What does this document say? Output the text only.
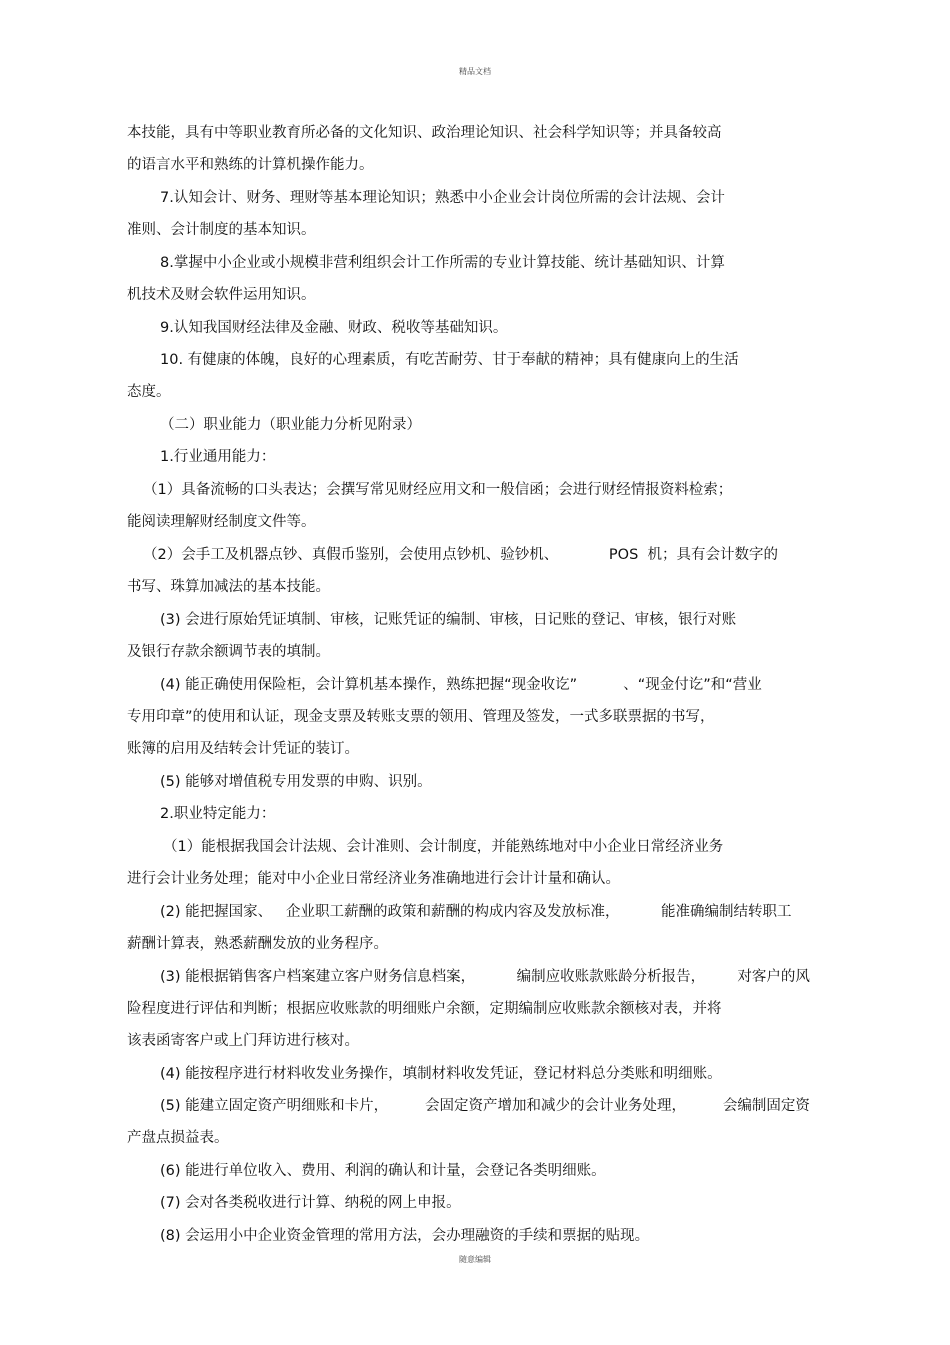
精品文档
本技能，具有中等职业教育所必备的文化知识、政治理论知识、社会科学知识等；并具备较高
的语言水平和熟练的计算机操作能力。
7.认知会计、财务、理财等基本理论知识；熟悉中小企业会计岗位所需的会计法规、会计
准则、会计制度的基本知识。
8.掌握中小企业或小规模非营利组织会计工作所需的专业计算技能、统计基础知识、计算
机技术及财会软件运用知识。
9.认知我国财经法律及金融、财政、税收等基础知识。
10. 有健康的体魄，良好的心理素质，有吃苦耐劳、甘于奉献的精神；具有健康向上的生活
态度。
（二）职业能力（职业能力分析见附录）
1.行业通用能力：
（1）具备流畅的口头表达；会撰写常见财经应用文和一般信函；会进行财经情报资料检索；
能阅读理解财经制度文件等。
（2）会手工及机器点钞、真假币鉴别，会使用点钞机、验钞机、           POS  机；具有会计数字的
书写、珠算加减法的基本技能。
(3) 会进行原始凭证填制、审核，记账凭证的编制、审核，日记账的登记、审核，银行对账
及银行存款余额调节表的填制。
(4) 能正确使用保险柜，会计算机基本操作，熟练把握“现金收讫”          、“现金付讫”和“营业
专用印章”的使用和认证，现金支票及转账支票的领用、管理及签发，一式多联票据的书写，
账簿的启用及结转会计凭证的装订。
(5) 能够对增值税专用发票的申购、识别。
2.职业特定能力：
（1）能根据我国会计法规、会计准则、会计制度，并能熟练地对中小企业日常经济业务
进行会计业务处理；能对中小企业日常经济业务准确地进行会计计量和确认。
(2) 能把握国家、   企业职工薪酬的政策和薪酬的构成内容及发放标准，         能准确编制结转职工
薪酬计算表，熟悉薪酬发放的业务程序。
(3) 能根据销售客户档案建立客户财务信息档案，         编制应收账款账龄分析报告，       对客户的风
险程度进行评估和判断；根据应收账款的明细账户余额，定期编制应收账款余额核对表，并将
该表函寄客户或上门拜访进行核对。
(4) 能按程序进行材料收发业务操作，填制材料收发凭证，登记材料总分类账和明细账。
(5) 能建立固定资产明细账和卡片，        会固定资产增加和减少的会计业务处理，        会编制固定资
产盘点损益表。
(6) 能进行单位收入、费用、利润的确认和计量，会登记各类明细账。
(7) 会对各类税收进行计算、纳税的网上申报。
(8) 会运用小中企业资金管理的常用方法，会办理融资的手续和票据的贴现。
随意编辑
